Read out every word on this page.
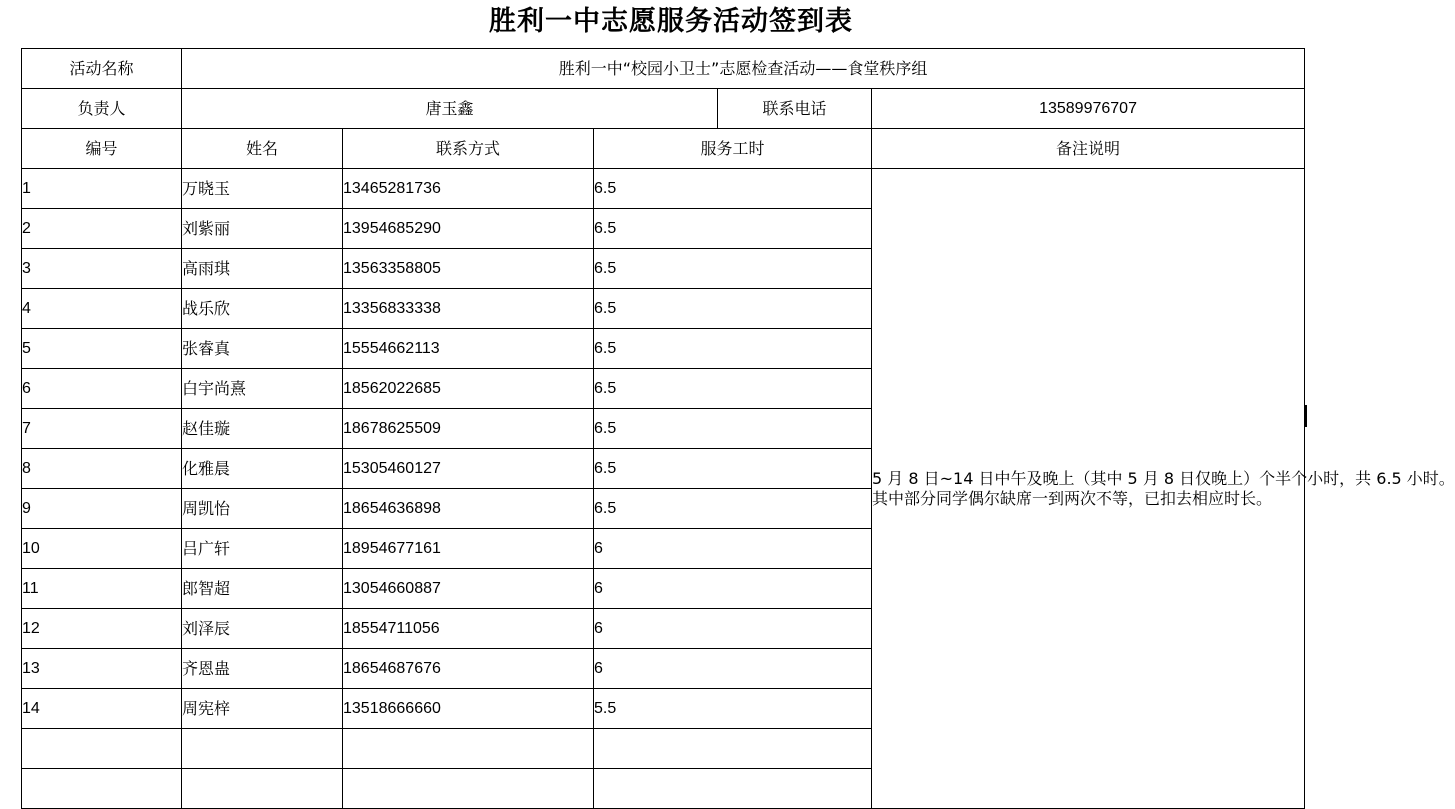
胜利一中志愿服务活动签到表
活动名称	胜利一中“校园小卫士”志愿检查活动——食堂秩序组				
负责人	唐玉鑫			联系电话	13589976707
编号	姓名	联系方式	服务工时		备注说明
1	万晓玉	13465281736	6.5		5 月 8 日~14 日中午及晚上（其中 5 月 8 日仅晚上）个半个小时，共 6.5 小时。

其中部分同学偶尔缺席一到两次不等，已扣去相应时长。

2	刘紫丽	13954685290	6.5		
3	高雨琪	13563358805	6.5		
4	战乐欣	13356833338	6.5		
5	张睿真	15554662113	6.5		
6	白宇尚熹	18562022685	6.5		
7	赵佳璇	18678625509	6.5		
8	化雅晨	15305460127	6.5		
9	周凯怡	18654636898	6.5		
10	吕广轩	18954677161	6		
11	郎智超	13054660887	6		
12	刘泽辰	18554711056	6		
13	齐恩蛊	18654687676	6		
14	周宪梓	13518666660	5.5		
